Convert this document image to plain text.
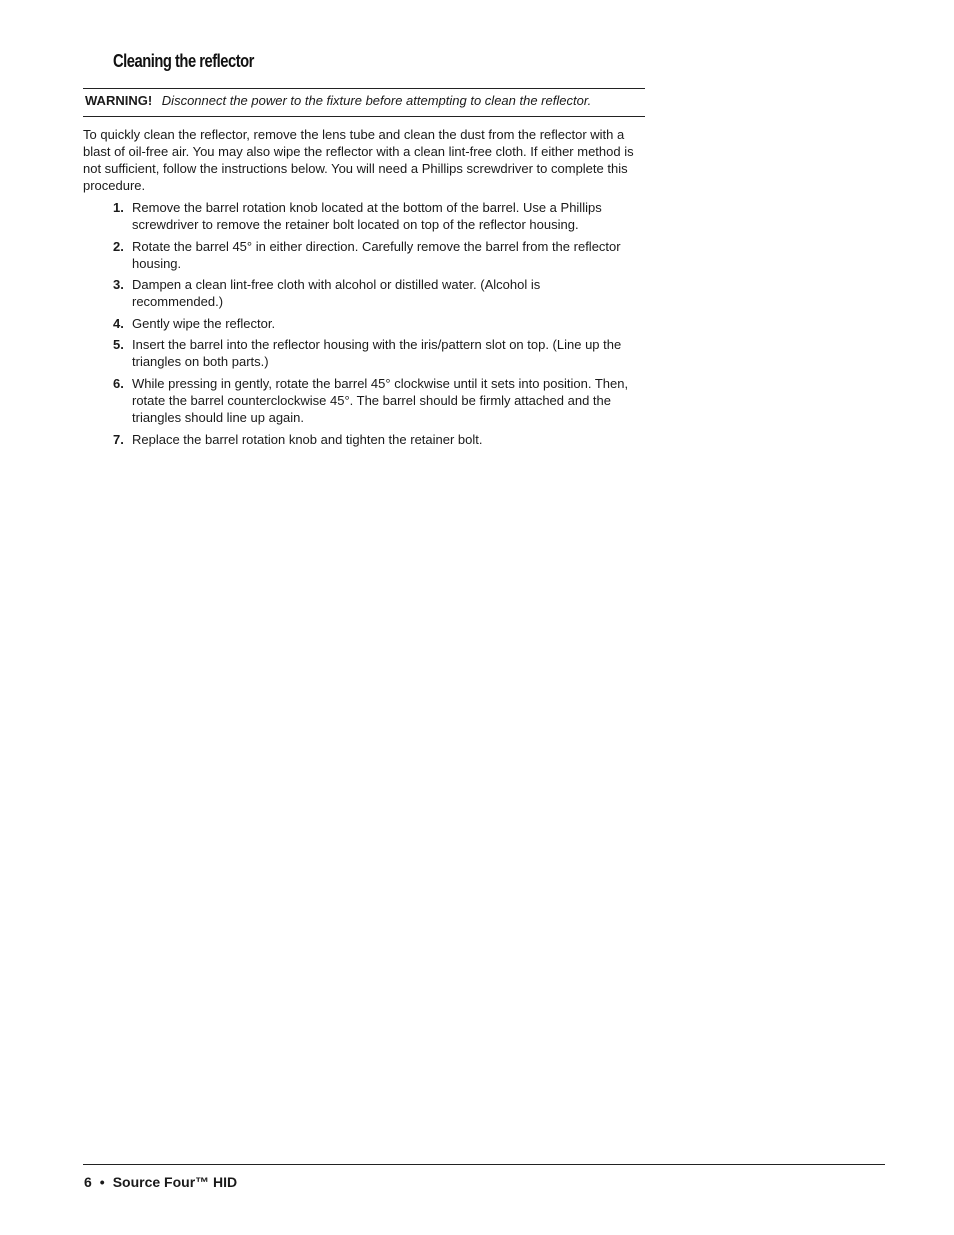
Cleaning the reflector
WARNING! Disconnect the power to the fixture before attempting to clean the reflector.

To quickly clean the reflector, remove the lens tube and clean the dust from the reflector with a blast of oil-free air. You may also wipe the reflector with a clean lint-free cloth. If either method is not sufficient, follow the instructions below. You will need a Phillips screwdriver to complete this procedure.

1. Remove the barrel rotation knob located at the bottom of the barrel. Use a Phillips screwdriver to remove the retainer bolt located on top of the reflector housing.
2. Rotate the barrel 45° in either direction. Carefully remove the barrel from the reflector housing.
3. Dampen a clean lint-free cloth with alcohol or distilled water. (Alcohol is recommended.)
4. Gently wipe the reflector.
5. Insert the barrel into the reflector housing with the iris/pattern slot on top. (Line up the triangles on both parts.)
6. While pressing in gently, rotate the barrel 45° clockwise until it sets into position. Then, rotate the barrel counterclockwise 45°. The barrel should be firmly attached and the triangles should line up again.
7. Replace the barrel rotation knob and tighten the retainer bolt.
6 • Source Four™ HID
